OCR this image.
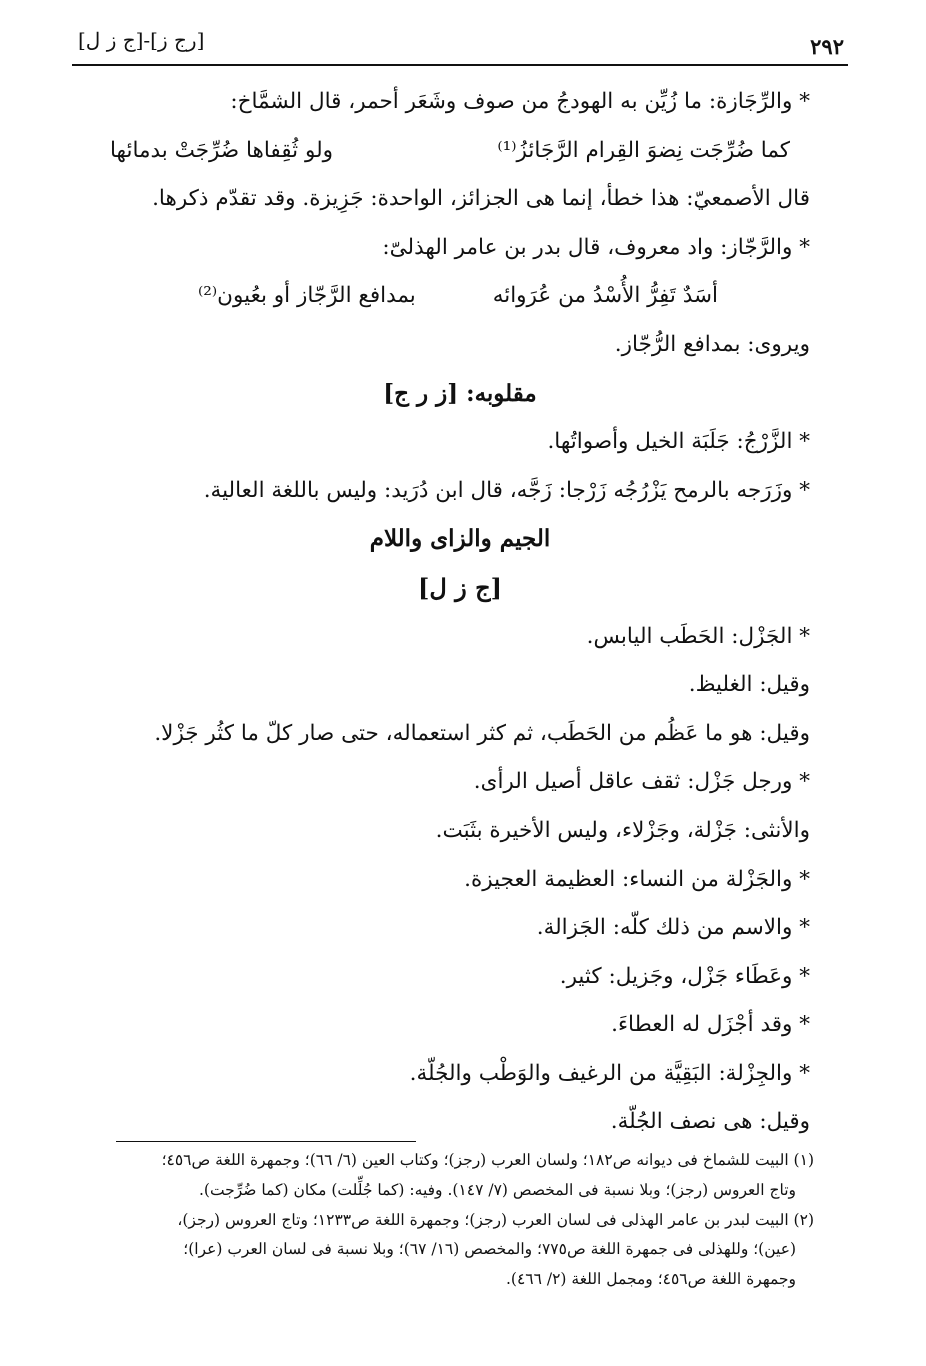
[رج ز]-[ج ز ل]	٢٩٢
* والرِّجَازة: ما زُيِّن به الهودجُ من صوف وشَعَر أحمر، قال الشمَّاخ:
كما ضُرِّجَت نِضوَ القِرام الرَّجَائزُ⁽¹⁾
ولو ثُقِفاها ضُرِّجَتْ بدمائها
قال الأصمعيّ: هذا خطأ، إنما هى الجزائز، الواحدة: جَزِيزة. وقد تقدّم ذكرها.
* والرَّجّاز: واد معروف، قال بدر بن عامر الهذلىّ:
أسَدٌ تَفِرُّ الأُسْدُ من عُرَوائه
بمدافع الرَّجّاز أو بعُيون⁽²⁾
ويروى: بمدافع الرُّجّاز.
مقلوبه: [ز ر ج]
* الزَّرْجُ: جَلَبَة الخيل وأصواتُها.
* وزَرَجه بالرمح يَزْرُجُه زَرْجا: زَجَّه، قال ابن دُرَيد: وليس باللغة العالية.
الجيم والزاى واللام
[ج ز ل]
* الجَزْل: الحَطَب اليابس.
وقيل: الغليظ.
وقيل: هو ما عَظُم من الحَطَب، ثم كثر استعماله، حتى صار كلّ ما كثُر جَزْلا.
* ورجل جَزْل: ثقف عاقل أصيل الرأى.
والأنثى: جَزْلة، وجَزْلاء، وليس الأخيرة بثَبَت.
* والجَزْلة من النساء: العظيمة العجيزة.
* والاسم من ذلك كلّه: الجَزالة.
* وعَطَاء جَزْل، وجَزيل: كثير.
* وقد أجْزَل له العطاءَ.
* والجِزْلة: البَقِيَّة من الرغيف والوَطْب والجُلّة.
وقيل: هى نصف الجُلّة.
(١) البيت للشماخ فى ديوانه ص١٨٢؛ ولسان العرب (رجز)؛ وكتاب العين (٦/ ٦٦)؛ وجمهرة اللغة ص٤٥٦؛
وتاج العروس (رجز)؛ وبلا نسبة فى المخصص (٧/ ١٤٧). وفيه: (كما جُلِّلت) مكان (كما ضُرِّجت).
(٢) البيت لبدر بن عامر الهذلى فى لسان العرب (رجز)؛ وجمهرة اللغة ص١٢٣٣؛ وتاج العروس (رجز)،
(عين)؛ وللهذلى فى جمهرة اللغة ص٧٧٥؛ والمخصص (١٦/ ٦٧)؛ وبلا نسبة فى لسان العرب (عرا)؛
وجمهرة اللغة ص٤٥٦؛ ومجمل اللغة (٢/ ٤٦٦).
